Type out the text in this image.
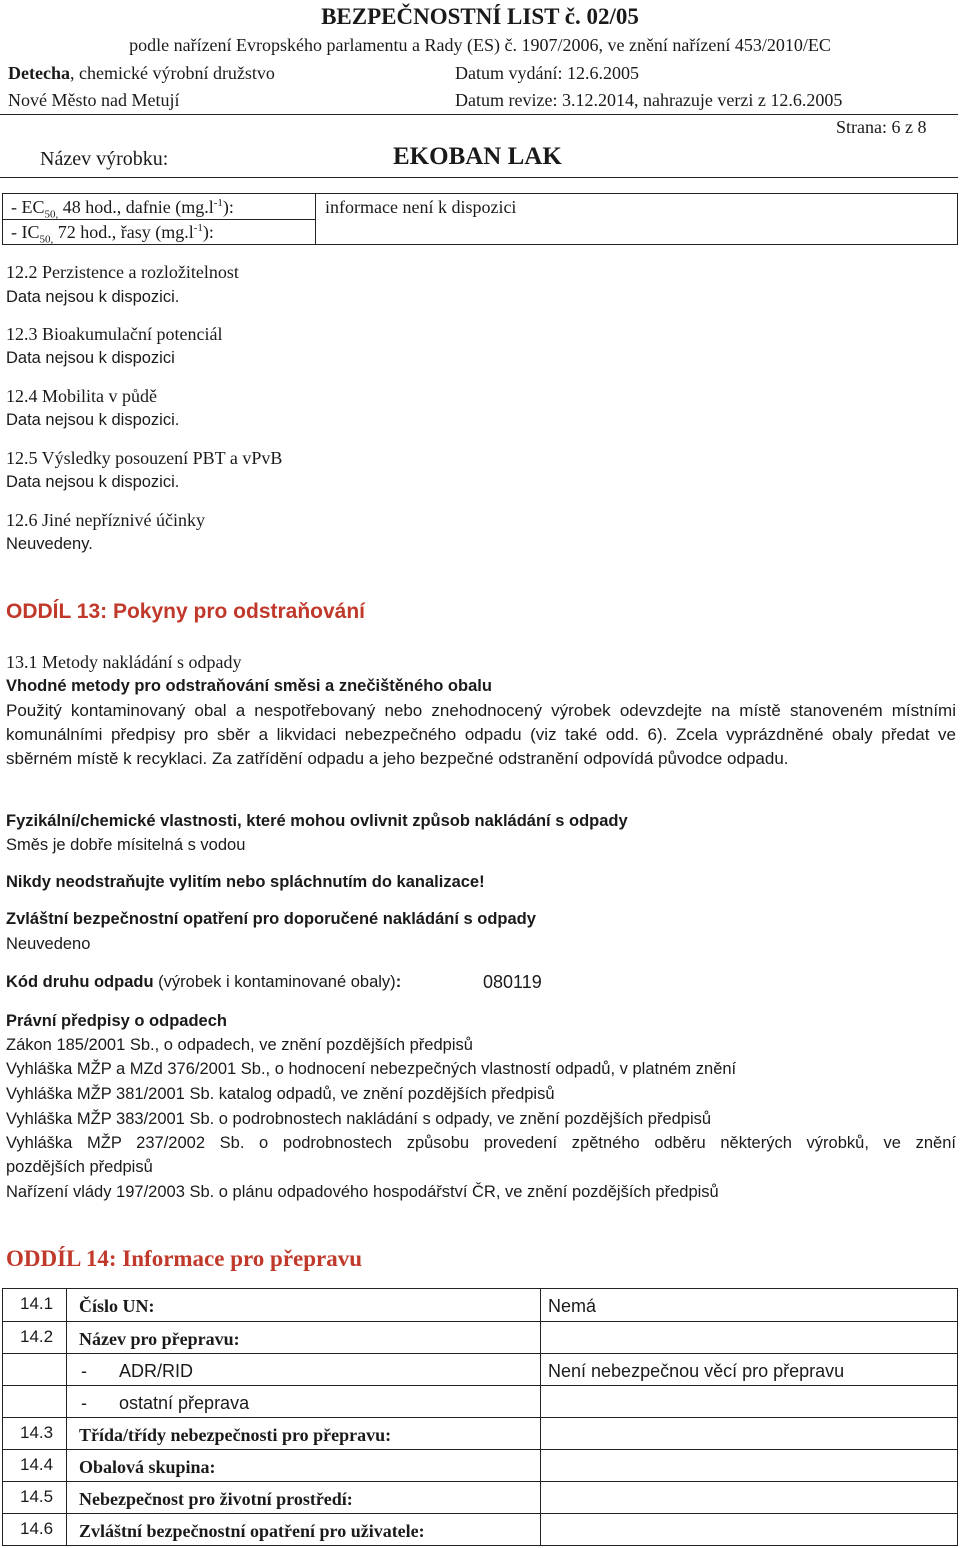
BEZPEČNOSTNÍ LIST č. 02/05
podle nařízení Evropského parlamentu a Rady (ES) č. 1907/2006, ve znění nařízení 453/2010/EC
Detecha, chemické výrobní družstvo	Datum vydání: 12.6.2005
Nové Město nad Metují	Datum revize: 3.12.2014, nahrazuje verzi z 12.6.2005
Strana: 6 z 8
Název výrobku:	EKOBAN LAK
- $EC_{50,}$ 48 hod., dafnie $(mg.l^{-1})$:
- $IC_{50,}$ 72 hod., řasy $(mg.l^{-1})$:
informace není k dispozici
12.2 Perzistence a rozložitelnost
Data nejsou k dispozici.
12.3 Bioakumulační potenciál
Data nejsou k dispozici
12.4 Mobilita v půdě
Data nejsou k dispozici.
12.5 Výsledky posouzení PBT a vPvB
Data nejsou k dispozici.
12.6 Jiné nepříznivé účinky
Neuvedeny.
ODDÍL 13: Pokyny pro odstraňování
13.1 Metody nakládání s odpady
Vhodné metody pro odstraňování směsi a znečištěného obalu
Použitý kontaminovaný obal a nespotřebovaný nebo znehodnocený výrobek odevzdejte na místě stanoveném místními komunálními předpisy pro sběr a likvidaci nebezpečného odpadu (viz také odd. 6). Zcela vyprázdněné obaly předat ve sběrném místě k recyklaci. Za zatřídění odpadu a jeho bezpečné odstranění odpovídá původce odpadu.
Fyzikální/chemické vlastnosti, které mohou ovlivnit způsob nakládání s odpady
Směs je dobře mísitelná s vodou
Nikdy neodstraňujte vylitím nebo spláchnutím do kanalizace!
Zvláštní bezpečnostní opatření pro doporučené nakládání s odpady
Neuvedeno
Kód druhu odpadu (výrobek i kontaminované obaly):	080119
Právní předpisy o odpadech
Zákon 185/2001 Sb., o odpadech, ve znění pozdějších předpisů
Vyhláška MŽP a MZd 376/2001 Sb., o hodnocení nebezpečných vlastností odpadů, v platném znění
Vyhláška MŽP 381/2001 Sb. katalog odpadů, ve znění pozdějších předpisů
Vyhláška MŽP 383/2001 Sb. o podrobnostech nakládání s odpady, ve znění pozdějších předpisů
Vyhláška MŽP 237/2002 Sb. o podrobnostech způsobu provedení zpětného odběru některých výrobků, ve znění
pozdějších předpisů
Nařízení vlády 197/2003 Sb. o plánu odpadového hospodářství ČR, ve znění pozdějších předpisů
ODDÍL 14: Informace pro přepravu
14.1 Číslo UN:	Nemá
14.2 Název pro přepravu:
- ADR/RID	Není nebezpečnou věcí pro přepravu
- ostatní přeprava
14.3 Třída/třídy nebezpečnosti pro přepravu:
14.4 Obalová skupina:
14.5 Nebezpečnost pro životní prostředí:
14.6 Zvláštní bezpečnostní opatření pro uživatele:
